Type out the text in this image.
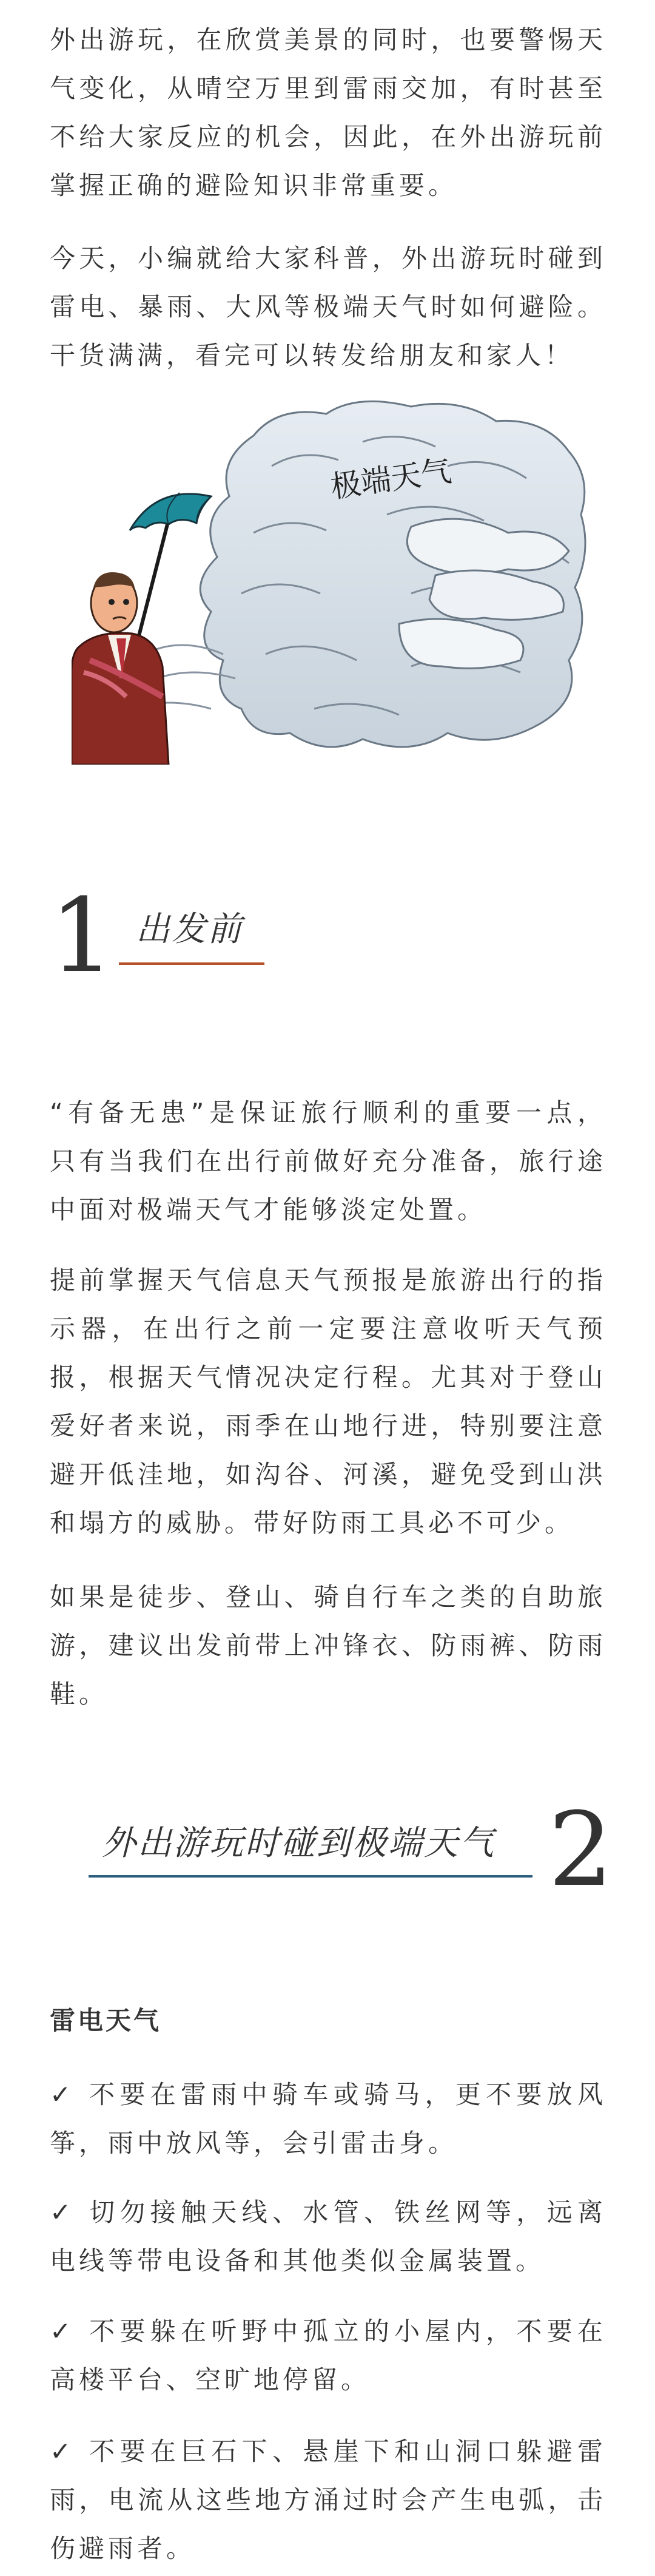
外出游玩，在欣赏美景的同时，也要警惕天气变化，从晴空万里到雷雨交加，有时甚至不给大家反应的机会，因此，在外出游玩前掌握正确的避险知识非常重要。

今天，小编就给大家科普，外出游玩时碰到雷电、暴雨、大风等极端天气时如何避险。干货满满，看完可以转发给朋友和家人！

极端天气
1 出发前

“有备无患”是保证旅行顺利的重要一点，只有当我们在出行前做好充分准备，旅行途中面对极端天气才能够淡定处置。

提前掌握天气信息天气预报是旅游出行的指示器，在出行之前一定要注意收听天气预报，根据天气情况决定行程。尤其对于登山爱好者来说，雨季在山地行进，特别要注意避开低洼地，如沟谷、河溪，避免受到山洪和塌方的威胁。带好防雨工具必不可少。

如果是徒步、登山、骑自行车之类的自助旅游，建议出发前带上冲锋衣、防雨裤、防雨鞋。

外出游玩时碰到极端天气 2

雷电天气

✓ 不要在雷雨中骑车或骑马，更不要放风筝，雨中放风等，会引雷击身。

✓ 切勿接触天线、水管、铁丝网等，远离电线等带电设备和其他类似金属装置。

✓ 不要躲在听野中孤立的小屋内，不要在高楼平台、空旷地停留。

✓ 不要在巨石下、悬崖下和山洞口躲避雷雨，电流从这些地方涌过时会产生电弧，击伤避雨者。
